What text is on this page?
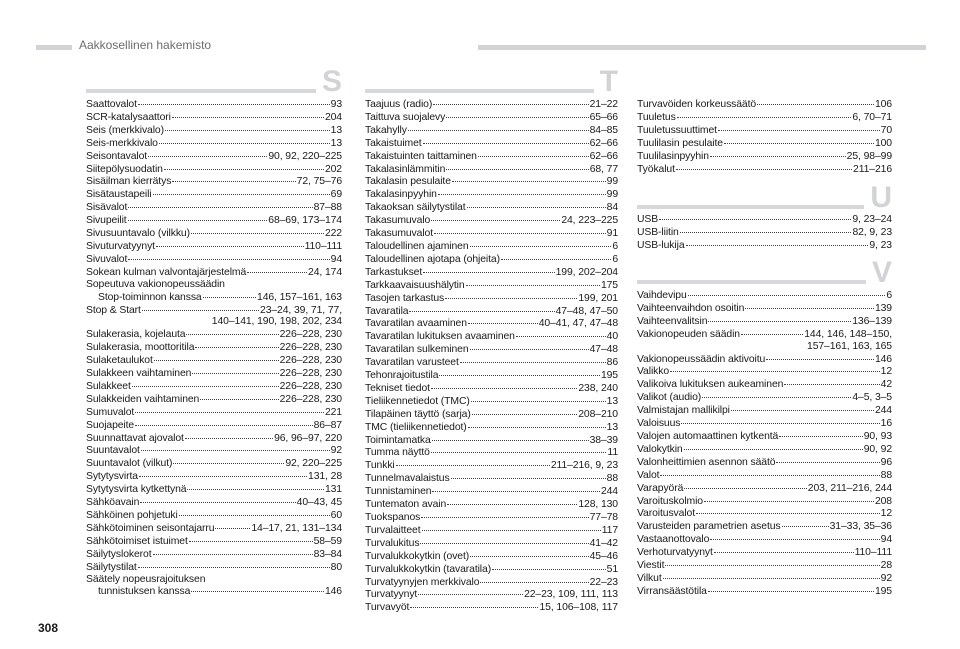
Aakkosellinen hakemisto
S
Saattovalot	93
SCR-katalysaattori	204
Seis (merkkivalo)	13
Seis-merkkivalo	13
Seisontavalot	90, 92, 220–225
Siitepölysuodatin	202
Sisäilman kierrätys	72, 75–76
Sisätaustapeili	69
Sisävalot	87–88
Sivupeilit	68–69, 173–174
Sivusuuntavalo (vilkku)	222
Sivuturvatyynyt	110–111
Sivuvalot	94
Sokean kulman valvontajärjestelmä	24, 174
Sopeutuva vakionopeussäädin
Stop-toiminnon kanssa	146, 157–161, 163
Stop & Start	23–24, 39, 71, 77,
140–141, 190, 198, 202, 234
Sulakerasia, kojelauta	226–228, 230
Sulakerasia, moottoritila	226–228, 230
Sulaketaulukot	226–228, 230
Sulakkeen vaihtaminen	226–228, 230
Sulakkeet	226–228, 230
Sulakkeiden vaihtaminen	226–228, 230
Sumuvalot	221
Suojapeite	86–87
Suunnattavat ajovalot	96, 96–97, 220
Suuntavalot	92
Suuntavalot (vilkut)	92, 220–225
Sytytysvirta	131, 28
Sytytysvirta kytkettynä	131
Sähköavain	40–43, 45
Sähköinen pohjetuki	60
Sähkötoiminen seisontajarru	14–17, 21, 131–134
Sähkötoimiset istuimet	58–59
Säilytyslokerot	83–84
Säilytystilat	80
Säätely nopeusrajoituksen
tunnistuksen kanssa	146
T
Taajuus (radio)	21–22
Taittuva suojalevy	65–66
Takahylly	84–85
Takaistuimet	62–66
Takaistuinten taittaminen	62–66
Takalasinlämmitin	68, 77
Takalasin pesulaite	99
Takalasinpyyhin	99
Takaoksan säilytystilat	84
Takasumuvalo	24, 223–225
Takasumuvalot	91
Taloudellinen ajaminen	6
Taloudellinen ajotapa (ohjeita)	6
Tarkastukset	199, 202–204
Tarkkaavaisuushälytin	175
Tasojen tarkastus	199, 201
Tavaratila	47–48, 47–50
Tavaratilan avaaminen	40–41, 47, 47–48
Tavaratilan lukituksen avaaminen	40
Tavaratilan sulkeminen	47–48
Tavaratilan varusteet	86
Tehonrajoitustila	195
Tekniset tiedot	238, 240
Tieliikennetiedot (TMC)	13
Tilapäinen täyttö (sarja)	208–210
TMC (tieliikennetiedot)	13
Toimintamatka	38–39
Tumma näyttö	11
Tunkki	211–216, 9, 23
Tunnelmavalaistus	88
Tunnistaminen	244
Tuntematon avain	128, 130
Tuokspanos	77–78
Turvalaitteet	117
Turvalukitus	41–42
Turvalukkokytkin (ovet)	45–46
Turvalukkokytkin (tavaratila)	51
Turvatyynyjen merkkivalo	22–23
Turvatyynyt	22–23, 109, 111, 113
Turvavyöt	15, 106–108, 117
Turvavöiden korkeussäätö	106
Tuuletus	6, 70–71
Tuuletussuuttimet	70
Tuulilasin pesulaite	100
Tuulilasinpyyhin	25, 98–99
Työkalut	211–216
U
USB	9, 23–24
USB-liitin	82, 9, 23
USB-lukija	9, 23
V
Vaihdevipu	6
Vaihteenvaihdon osoitin	139
Vaihteenvalitsin	136–139
Vakionopeuden säädin	144, 146, 148–150,
157–161, 163, 165
Vakionopeussäädin aktivoitu	146
Valikko	12
Valikoiva lukituksen aukeaminen	42
Valikot (audio)	4–5, 3–5
Valmistajan mallikilpi	244
Valoisuus	16
Valojen automaattinen kytkentä	90, 93
Valokytkin	90, 92
Valonheittimien asennon säätö	96
Valot	88
Varapyörä	203, 211–216, 244
Varoituskolmio	208
Varoitusvalot	12
Varusteiden parametrien asetus	31–33, 35–36
Vastaanottovalo	94
Verhoturvatyynyt	110–111
Viestit	28
Vilkut	92
Virransäästötila	195
308
